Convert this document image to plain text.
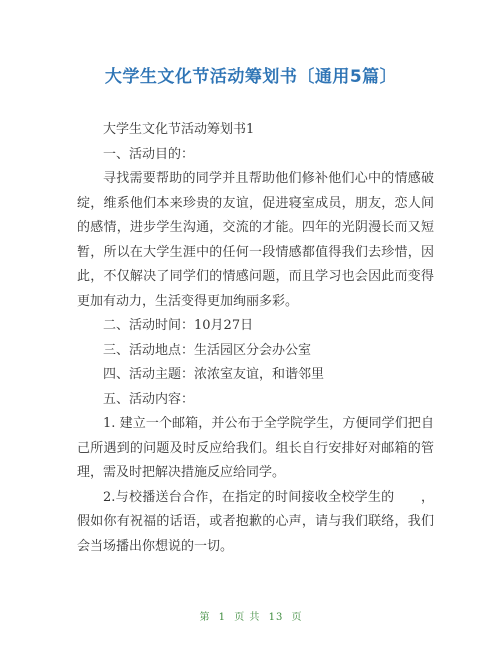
大学生文化节活动筹划书〔通用5篇〕

大学生文化节活动筹划书1

一、活动目的：

寻找需要帮助的同学并且帮助他们修补他们心中的情感破绽，维系他们本来珍贵的友谊，促进寝室成员，朋友，恋人间的感情，进步学生沟通，交流的才能。四年的光阴漫长而又短暂，所以在大学生涯中的任何一段情感都值得我们去珍惜，因此，不仅解决了同学们的情感问题，而且学习也会因此而变得更加有动力，生活变得更加绚丽多彩。

二、活动时间：10月27日

三、活动地点：生活园区分会办公室

四、活动主题：浓浓室友谊，和谐邻里

五、活动内容：

1. 建立一个邮箱，并公布于全学院学生，方便同学们把自己所遇到的问题及时反应给我们。组长自行安排好对邮箱的管理，需及时把解决措施反应给同学。

2.与校播送台合作，在指定的时间接收全校学生的　　，假如你有祝福的话语，或者抱歉的心声，请与我们联络，我们会当场播出你想说的一切。

第 1 页 共 13 页
